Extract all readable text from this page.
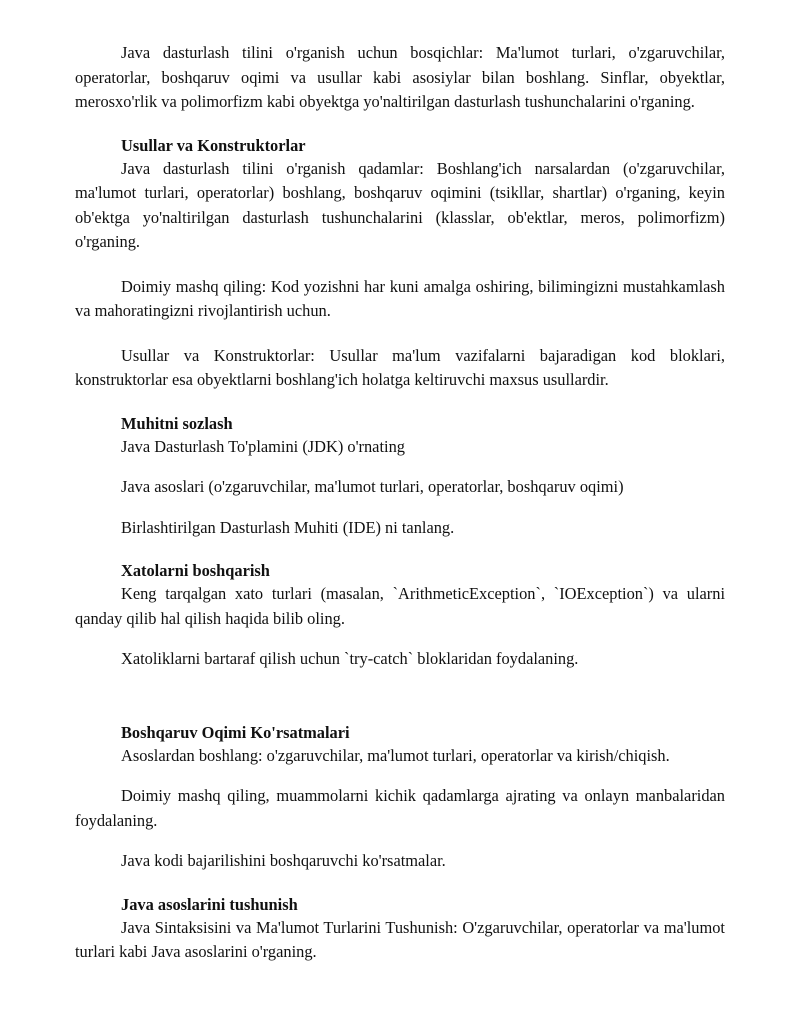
Java dasturlash tilini o'rganish uchun bosqichlar: Ma'lumot turlari, o'zgaruvchilar, operatorlar, boshqaruv oqimi va usullar kabi asosiylar bilan boshlang. Sinflar, obyektlar, merosxo'rlik va polimorfizm kabi obyektga yo'naltirilgan dasturlash tushunchalarini o'rganing.

Usullar va Konstruktorlar

Java dasturlash tilini o'rganish qadamlar: Boshlang'ich narsalardan (o'zgaruvchilar, ma'lumot turlari, operatorlar) boshlang, boshqaruv oqimini (tsikllar, shartlar) o'rganing, keyin ob'ektga yo'naltirilgan dasturlash tushunchalarini (klasslar, ob'ektlar, meros, polimorfizm) o'rganing.

Doimiy mashq qiling: Kod yozishni har kuni amalga oshiring, bilimingizni mustahkamlash va mahoratingizni rivojlantirish uchun.

Usullar va Konstruktorlar: Usullar ma'lum vazifalarni bajaradigan kod bloklari, konstruktorlar esa obyektlarni boshlang'ich holatga keltiruvchi maxsus usullardir.

Muhitni sozlash

Java Dasturlash To'plamini (JDK) o'rnating

Java asoslari (o'zgaruvchilar, ma'lumot turlari, operatorlar, boshqaruv oqimi)

Birlashtirilgan Dasturlash Muhiti (IDE) ni tanlang.

Xatolarni boshqarish

Keng tarqalgan xato turlari (masalan, `ArithmeticException`, `IOException`) va ularni qanday qilib hal qilish haqida bilib oling.

Xatoliklarni bartaraf qilish uchun `try-catch` bloklaridan foydalaning.

Boshqaruv Oqimi Ko'rsatmalari

Asoslardan boshlang: o'zgaruvchilar, ma'lumot turlari, operatorlar va kirish/chiqish.

Doimiy mashq qiling, muammolarni kichik qadamlarga ajrating va onlayn manbalaridan foydalaning.

Java kodi bajarilishini boshqaruvchi ko'rsatmalar.

Java asoslarini tushunish

Java Sintaksisini va Ma'lumot Turlarini Tushunish: O'zgaruvchilar, operatorlar va ma'lumot turlari kabi Java asoslarini o'rganing.
